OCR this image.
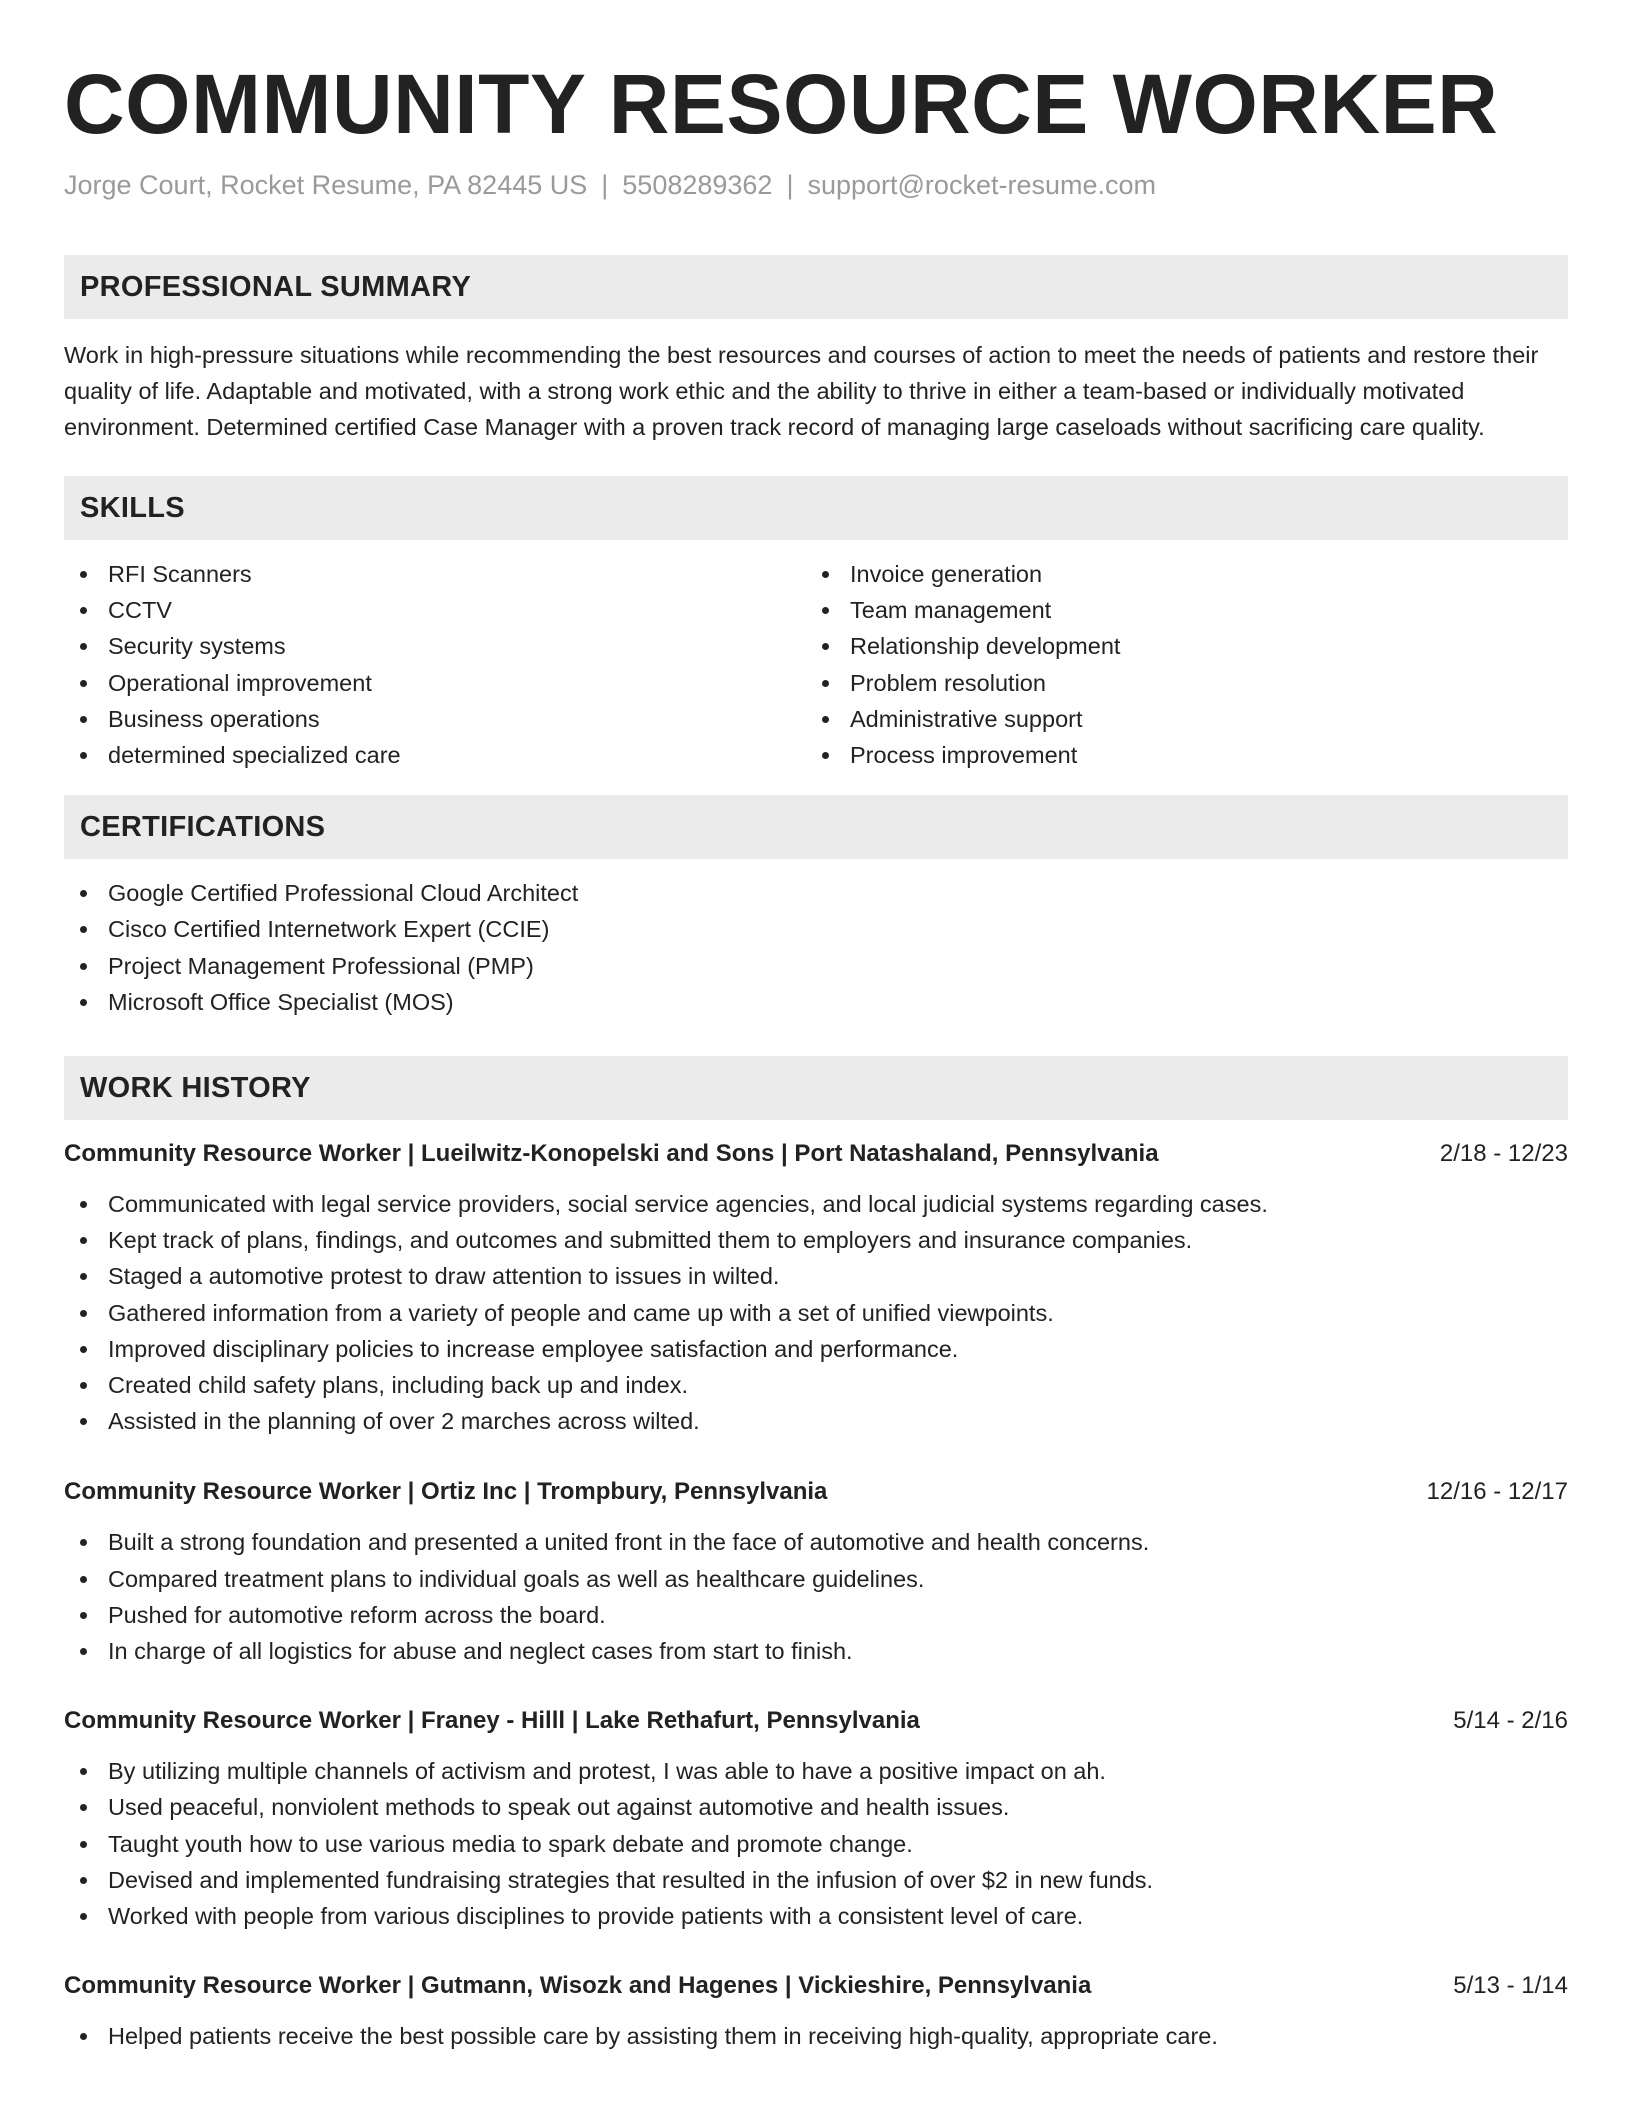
COMMUNITY RESOURCE WORKER
Jorge Court, Rocket Resume, PA 82445 US | 5508289362 | support@rocket-resume.com
PROFESSIONAL SUMMARY

Work in high-pressure situations while recommending the best resources and courses of action to meet the needs of patients and restore their quality of life. Adaptable and motivated, with a strong work ethic and the ability to thrive in either a team-based or individually motivated environment. Determined certified Case Manager with a proven track record of managing large caseloads without sacrificing care quality.

SKILLS
RFI Scanners
CCTV
Security systems
Operational improvement
Business operations
determined specialized care
Invoice generation
Team management
Relationship development
Problem resolution
Administrative support
Process improvement
CERTIFICATIONS
Google Certified Professional Cloud Architect
Cisco Certified Internetwork Expert (CCIE)
Project Management Professional (PMP)
Microsoft Office Specialist (MOS)
WORK HISTORY
Community Resource Worker | Lueilwitz-Konopelski and Sons | Port Natashaland, Pennsylvania	2/18 - 12/23
Communicated with legal service providers, social service agencies, and local judicial systems regarding cases.
Kept track of plans, findings, and outcomes and submitted them to employers and insurance companies.
Staged a automotive protest to draw attention to issues in wilted.
Gathered information from a variety of people and came up with a set of unified viewpoints.
Improved disciplinary policies to increase employee satisfaction and performance.
Created child safety plans, including back up and index.
Assisted in the planning of over 2 marches across wilted.
Community Resource Worker | Ortiz Inc | Trompbury, Pennsylvania	12/16 - 12/17
Built a strong foundation and presented a united front in the face of automotive and health concerns.
Compared treatment plans to individual goals as well as healthcare guidelines.
Pushed for automotive reform across the board.
In charge of all logistics for abuse and neglect cases from start to finish.
Community Resource Worker | Franey - Hilll | Lake Rethafurt, Pennsylvania	5/14 - 2/16
By utilizing multiple channels of activism and protest, I was able to have a positive impact on ah.
Used peaceful, nonviolent methods to speak out against automotive and health issues.
Taught youth how to use various media to spark debate and promote change.
Devised and implemented fundraising strategies that resulted in the infusion of over $2 in new funds.
Worked with people from various disciplines to provide patients with a consistent level of care.
Community Resource Worker | Gutmann, Wisozk and Hagenes | Vickieshire, Pennsylvania	5/13 - 1/14
Helped patients receive the best possible care by assisting them in receiving high-quality, appropriate care.
